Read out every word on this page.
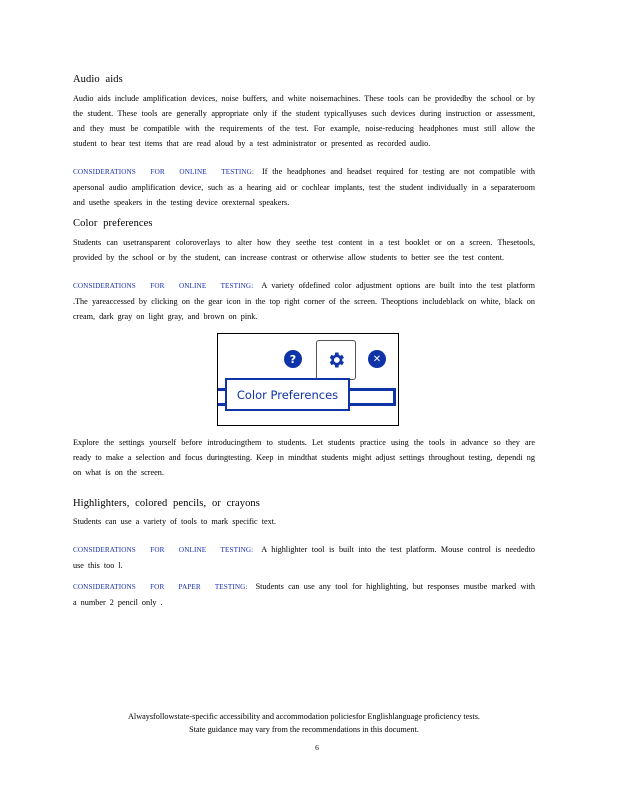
Audio aids

Audio aids include amplification devices, noise buffers, and white noisemachines. These tools can be providedby the school or by the student. These tools are generally appropriate only if the student typicallyuses such devices during instruction or assessment, and they must be compatible with the requirements of the test. For example, noise-reducing headphones must still allow the student to hear test items that are read aloud by a test administrator or presented as recorded audio.

CONSIDERATIONS FOR ONLINE TESTING: If the headphones and headset required for testing are not compatible with apersonal audio amplification device, such as a hearing aid or cochlear implants, test the student individually in a separateroom and usethe speakers in the testing device orexternal speakers.

Color preferences

Students can usetransparent coloroverlays to alter how they seethe test content in a test booklet or on a screen. Thesetools, provided by the school or by the student, can increase contrast or otherwise allow students to better see the test content.

CONSIDERATIONS FOR ONLINE TESTING: A variety ofdefined color adjustment options are built into the test platform .The yareaccessed by clicking on the gear icon in the top right corner of the screen. Theoptions includeblack on white, black on cream, dark gray on light gray, and brown on pink.

?	✕
Color Preferences

Explore the settings yourself before introducingthem to students. Let students practice using the tools in advance so they are ready to make a selection and focus duringtesting. Keep in mindthat students might adjust settings throughout testing, dependi ng on what is on the screen.

Highlighters, colored pencils, or crayons

Students can use a variety of tools to mark specific text.

CONSIDERATIONS FOR ONLINE TESTING: A highlighter tool is built into the test platform. Mouse control is neededto use this too l.

CONSIDERATIONS FOR PAPER TESTING: Students can use any tool for highlighting, but responses mustbe marked with a number 2 pencil only .

Alwaysfollowstate-specific accessibility and accommodation policiesfor Englishlanguage proficiency tests.
State guidance may vary from the recommendations in this document.
6
